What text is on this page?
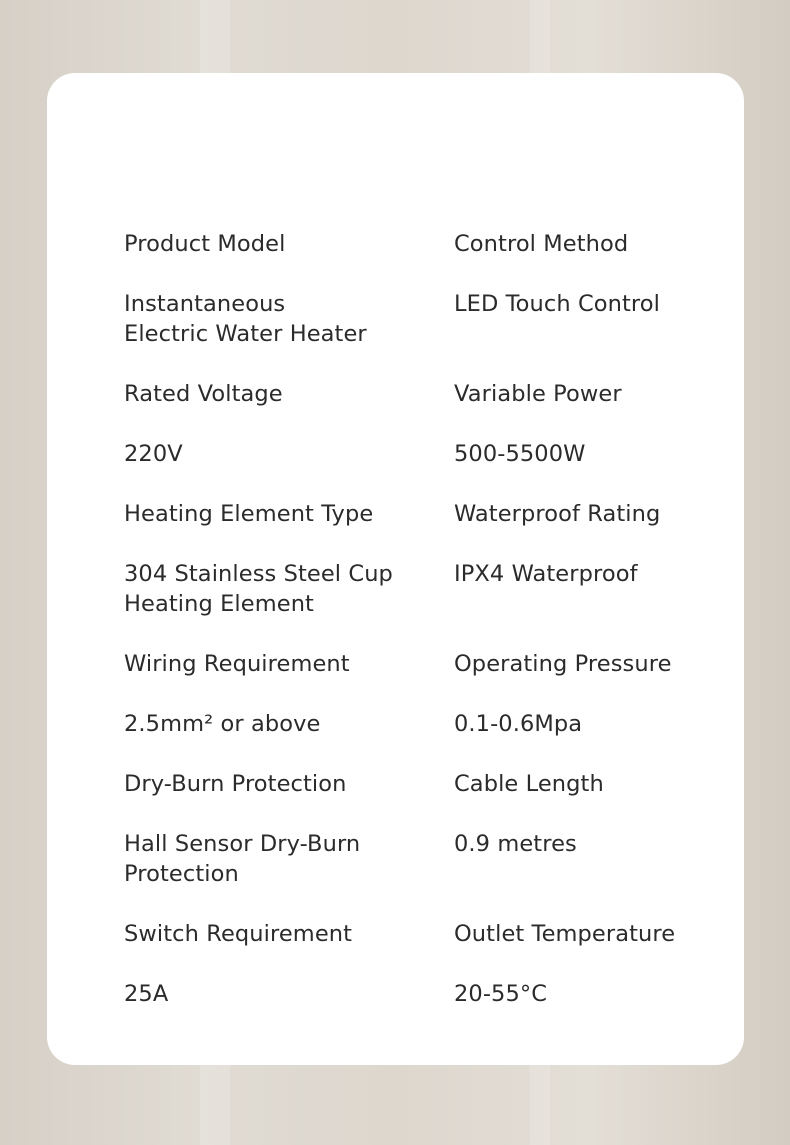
Product Model

Instantaneous
Electric Water Heater

Control Method

LED Touch Control

Rated Voltage

220V

Variable Power

500-5500W

Heating Element Type

304 Stainless Steel Cup
Heating Element

Waterproof Rating

IPX4 Waterproof

Wiring Requirement

2.5mm² or above

Operating Pressure

0.1-0.6Mpa

Dry-Burn Protection

Hall Sensor Dry-Burn
Protection

Cable Length

0.9 metres

Switch Requirement

25A

Outlet Temperature

20-55°C
